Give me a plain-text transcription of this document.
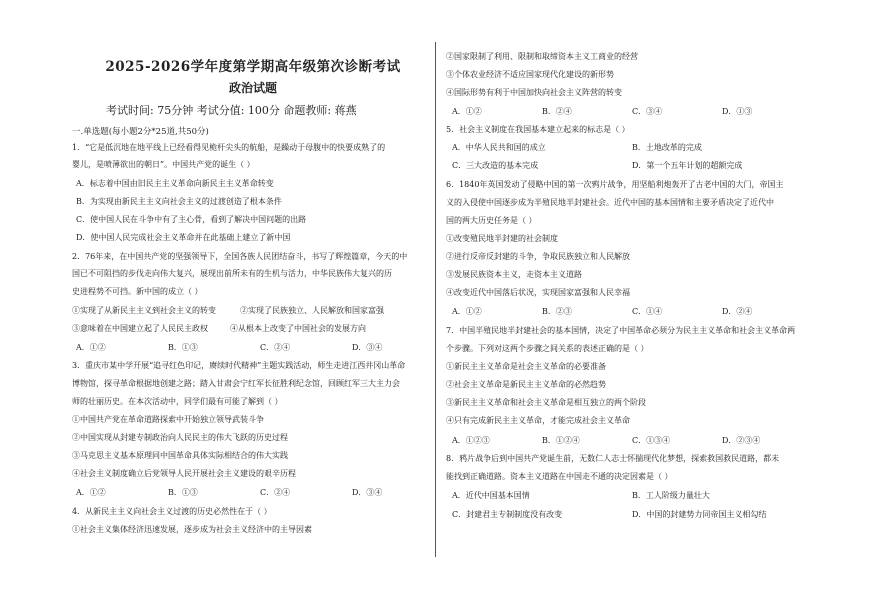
2025-2026学年度第学期高年级第次诊断考试
政治试题
考试时间: 75分钟 考试分值: 100分 命题教师: 蒋燕
一.单选题(每小题2分*25道,共50分)
1．“它是低沉地在地平线上已经看得见桅杆尖头的航船，是躁动于母腹中的快要成熟了的
婴儿，是喷薄欲出的朝日”。中国共产党的诞生（ ）
A．标志着中国由旧民主主义革命向新民主主义革命转变
B．为实现由新民主主义向社会主义的过渡创造了根本条件
C．使中国人民在斗争中有了主心骨，看到了解决中国问题的出路
D．使中国人民完成社会主义革命并在此基础上建立了新中国
2．76年来，在中国共产党的坚强领导下，全国各族人民团结奋斗，书写了辉煌篇章，今天的中
国已不可阻挡的步伐走向伟大复兴，展现出前所未有的生机与活力，中华民族伟大复兴的历
史进程势不可挡。新中国的成立（ ）
①实现了从新民主主义到社会主义的转变	②实现了民族独立、人民解放和国家富强
③意味着在中国建立起了人民民主政权	④从根本上改变了中国社会的发展方向
A．①②	B．①③	C．②④	D．③④
3．重庆市某中学开展“追寻红色印记，赓续时代精神”主题实践活动，师生走进江西井冈山革命
博物馆，探寻革命根据地创建之路；踏入甘肃会宁红军长征胜利纪念馆，回顾红军三大主力会
师的壮丽历史。在本次活动中，同学们最有可能了解到（ ）
①中国共产党在革命道路探索中开始独立领导武装斗争
②中国实现从封建专制政治向人民民主的伟大飞跃的历史过程
③马克思主义基本原理同中国革命具体实际相结合的伟大实践
④社会主义制度确立后党领导人民开展社会主义建设的艰辛历程
A．①②	B．①③	C．②④	D．③④
4．从新民主主义向社会主义过渡的历史必然性在于（ ）
①社会主义集体经济迅速发展，逐步成为社会主义经济中的主导因素
②国家限制了利用、限制和取缔资本主义工商业的经营
③个体农业经济不适应国家现代化建设的新形势
④国际形势有利于中国加快向社会主义阵营的转变
A．①②	B．②④	C．③④	D．①③
5．社会主义制度在我国基本建立起来的标志是（ ）
A．中华人民共和国的成立	B．土地改革的完成
C．三大改造的基本完成	D．第一个五年计划的超额完成
6．1840年英国发动了侵略中国的第一次鸦片战争，用坚船利炮轰开了古老中国的大门，帝国主
义的入侵使中国逐步成为半殖民地半封建社会。近代中国的基本国情和主要矛盾决定了近代中
国的两大历史任务是（ ）
①改变殖民地半封建的社会制度
②进行反帝反封建的斗争，争取民族独立和人民解放
③发展民族资本主义，走资本主义道路
④改变近代中国落后状况，实现国家富强和人民幸福
A．①②	B．②③	C．①④	D．②④
7．中国半殖民地半封建社会的基本国情，决定了中国革命必须分为民主主义革命和社会主义革命两
个步骤。下列对这两个步骤之间关系的表述正确的是（ ）
①新民主主义革命是社会主义革命的必要准备
②社会主义革命是新民主主义革命的必然趋势
③新民主主义革命和社会主义革命是相互独立的两个阶段
④只有完成新民主主义革命，才能完成社会主义革命
A．①②③	B．①②④	C．①③④	D．②③④
8．鸦片战争后到中国共产党诞生前，无数仁人志士怀揣现代化梦想，探索救国救民道路，都未
能找到正确道路。资本主义道路在中国走不通的决定因素是（ ）
A．近代中国基本国情	B．工人阶级力量壮大
C．封建君主专制制度没有改变	D．中国的封建势力同帝国主义相勾结
